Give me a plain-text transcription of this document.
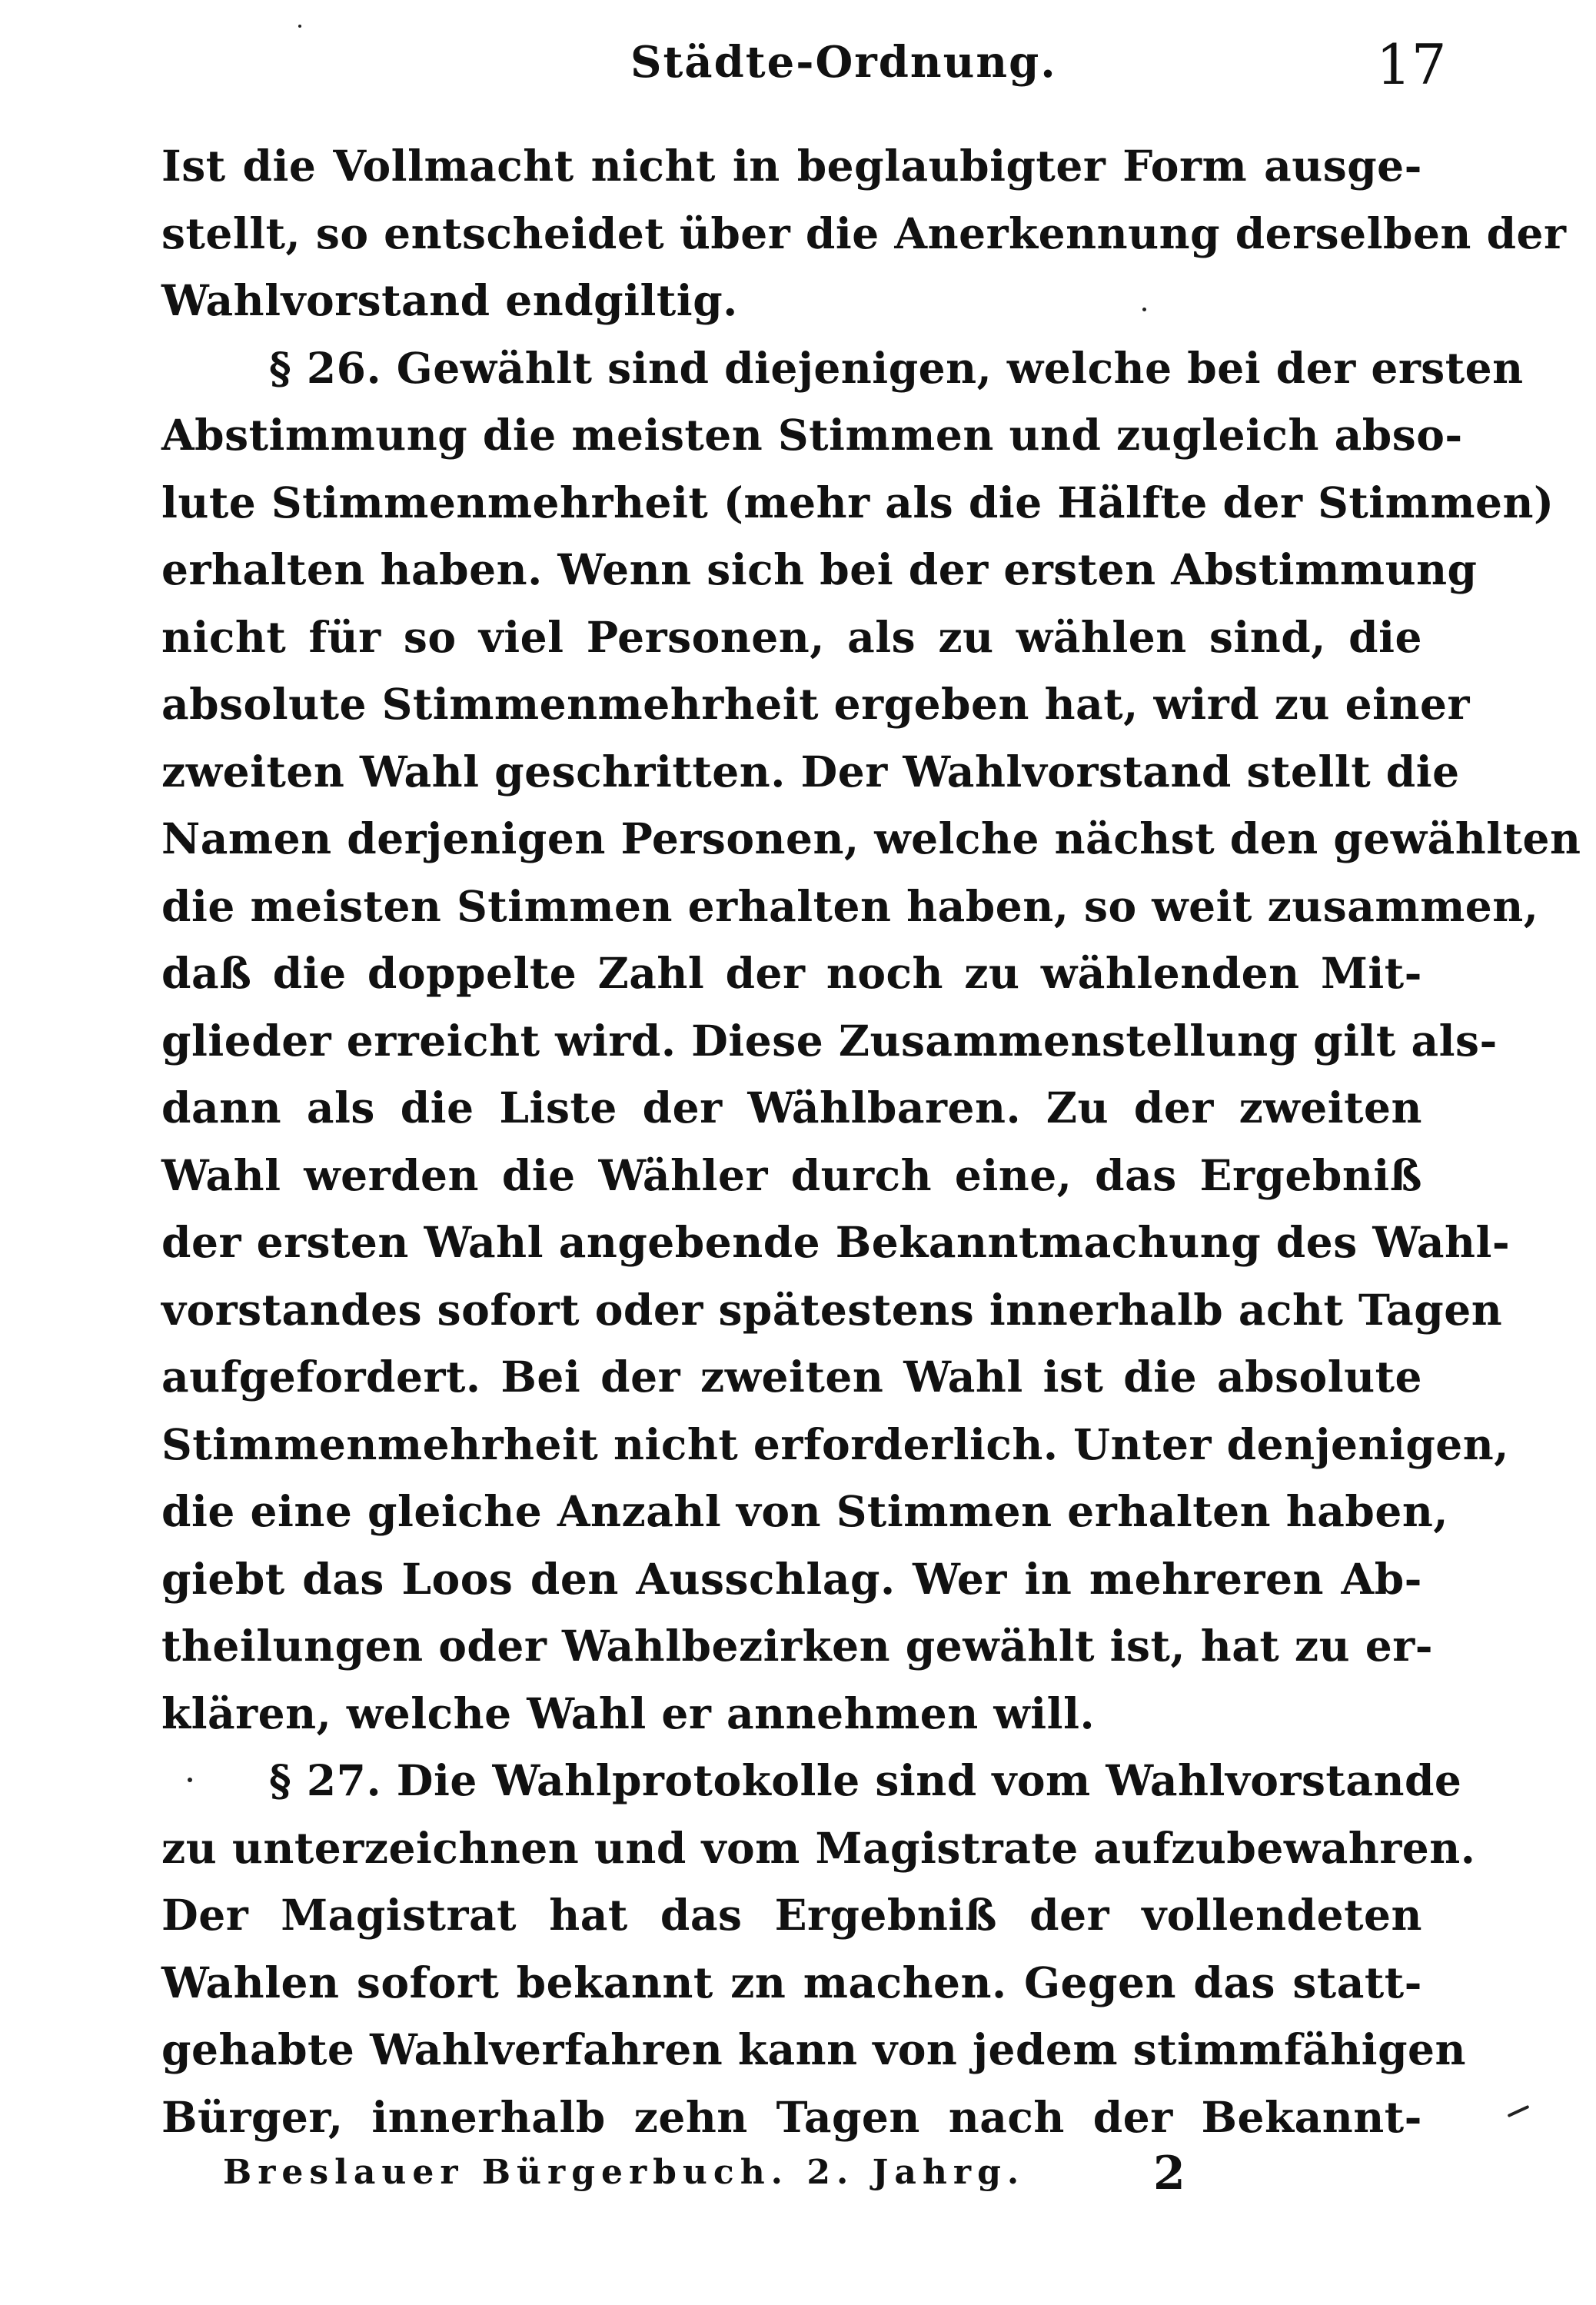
Städte-Ordnung.	17
Ist die Vollmacht nicht in beglaubigter Form ausge-
stellt, so entscheidet über die Anerkennung derselben der
Wahlvorstand endgiltig.
§ 26. Gewählt sind diejenigen, welche bei der ersten
Abstimmung die meisten Stimmen und zugleich abso-
lute Stimmenmehrheit (mehr als die Hälfte der Stimmen)
erhalten haben. Wenn sich bei der ersten Abstimmung
nicht für so viel Personen, als zu wählen sind, die
absolute Stimmenmehrheit ergeben hat, wird zu einer
zweiten Wahl geschritten. Der Wahlvorstand stellt die
Namen derjenigen Personen, welche nächst den gewählten
die meisten Stimmen erhalten haben, so weit zusammen,
daß die doppelte Zahl der noch zu wählenden Mit-
glieder erreicht wird. Diese Zusammenstellung gilt als-
dann als die Liste der Wählbaren. Zu der zweiten
Wahl werden die Wähler durch eine, das Ergebniß
der ersten Wahl angebende Bekanntmachung des Wahl-
vorstandes sofort oder spätestens innerhalb acht Tagen
aufgefordert. Bei der zweiten Wahl ist die absolute
Stimmenmehrheit nicht erforderlich. Unter denjenigen,
die eine gleiche Anzahl von Stimmen erhalten haben,
giebt das Loos den Ausschlag. Wer in mehreren Ab-
theilungen oder Wahlbezirken gewählt ist, hat zu er-
klären, welche Wahl er annehmen will.
§ 27. Die Wahlprotokolle sind vom Wahlvorstande
zu unterzeichnen und vom Magistrate aufzubewahren.
Der Magistrat hat das Ergebniß der vollendeten
Wahlen sofort bekannt zn machen. Gegen das statt-
gehabte Wahlverfahren kann von jedem stimmfähigen
Bürger, innerhalb zehn Tagen nach der Bekannt-
Breslauer Bürgerbuch. 2. Jahrg.	2
